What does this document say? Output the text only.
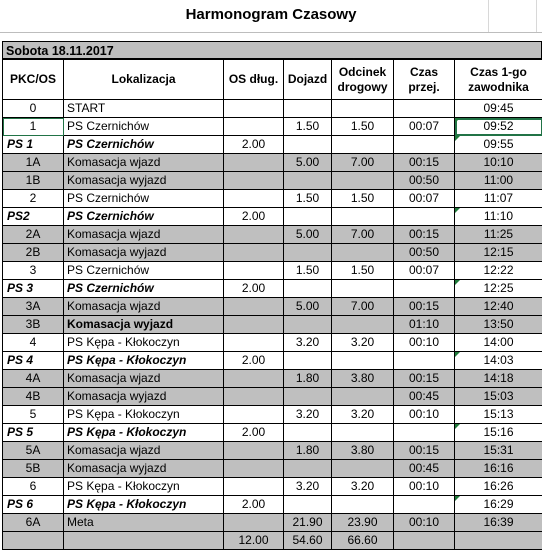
Harmonogram Czasowy
Sobota 18.11.2017
PKC/OS	Lokalizacja	OS dług.	Dojazd	Odcinek drogowy	Czas przej.	Czas 1-go zawodnika
0	START					09:45
1	PS Czernichów		1.50	1.50	00:07	09:52
PS 1	PS Czernichów	2.00				09:55
1A	Komasacja wjazd		5.00	7.00	00:15	10:10
1B	Komasacja wyjazd				00:50	11:00
2	PS Czernichów		1.50	1.50	00:07	11:07
PS2	PS Czernichów	2.00				11:10
2A	Komasacja wjazd		5.00	7.00	00:15	11:25
2B	Komasacja wyjazd				00:50	12:15
3	PS Czernichów		1.50	1.50	00:07	12:22
PS 3	PS Czernichów	2.00				12:25
3A	Komasacja wjazd		5.00	7.00	00:15	12:40
3B	Komasacja wyjazd				01:10	13:50
4	PS Kępa - Kłokoczyn		3.20	3.20	00:10	14:00
PS 4	PS Kępa - Kłokoczyn	2.00				14:03
4A	Komasacja wjazd		1.80	3.80	00:15	14:18
4B	Komasacja wyjazd				00:45	15:03
5	PS Kępa - Kłokoczyn		3.20	3.20	00:10	15:13
PS 5	PS Kępa - Kłokoczyn	2.00				15:16
5A	Komasacja wjazd		1.80	3.80	00:15	15:31
5B	Komasacja wyjazd				00:45	16:16
6	PS Kępa - Kłokoczyn		3.20	3.20	00:10	16:26
PS 6	PS Kępa - Kłokoczyn	2.00				16:29
6A	Meta		21.90	23.90	00:10	16:39
		12.00	54.60	66.60		
